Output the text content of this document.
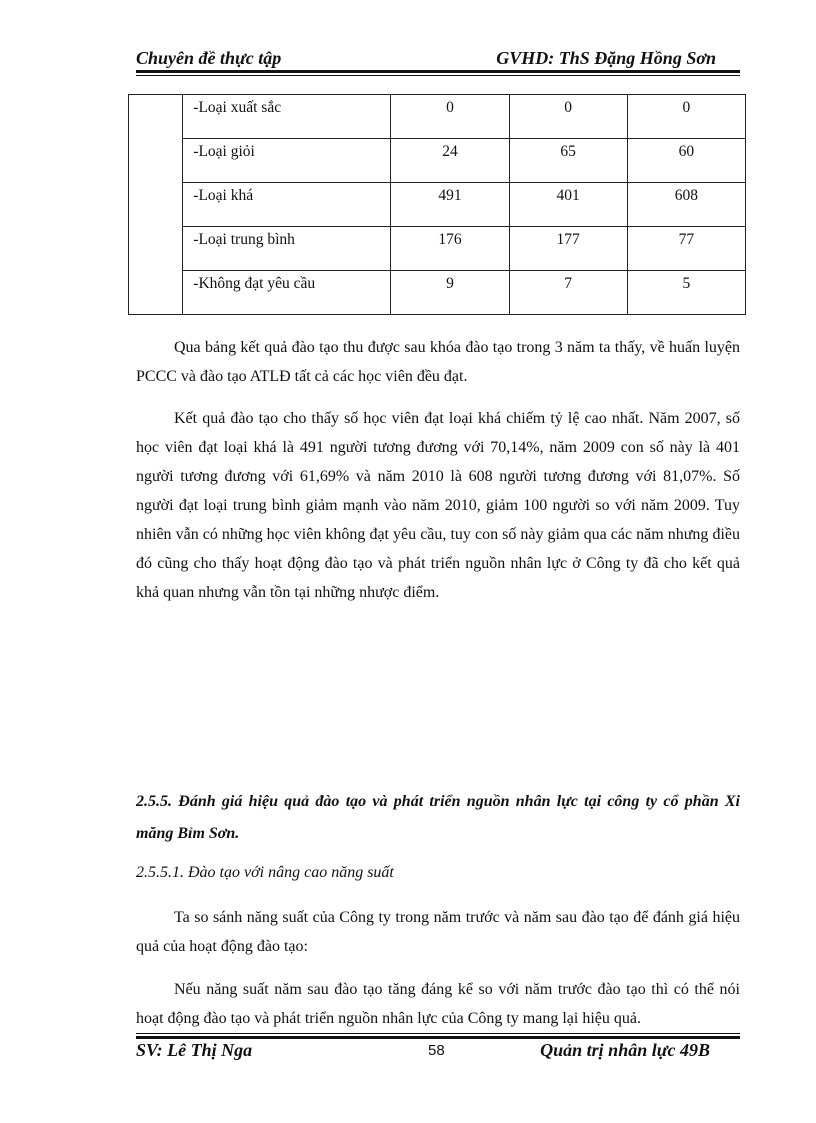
Chuyên đề thực tập	GVHD: ThS Đặng Hồng Sơn
	-Loại xuất sắc	0	0	0
	-Loại giỏi	24	65	60
	-Loại khá	491	401	608
	-Loại trung bình	176	177	77
	-Không đạt yêu cầu	9	7	5

Qua bảng kết quả đào tạo thu được sau khóa đào tạo trong 3 năm ta thấy, về huấn luyện PCCC và đào tạo ATLĐ tất cả các học viên đều đạt.

Kết quả đào tạo cho thấy số học viên đạt loại khá chiếm tỷ lệ cao nhất. Năm 2007, số học viên đạt loại khá là 491 người tương đương với 70,14%, năm 2009 con số này là 401 người tương đương với 61,69% và năm 2010 là 608 người tương đương với 81,07%. Số người đạt loại trung bình giảm mạnh vào năm 2010, giảm 100 người so với năm 2009. Tuy nhiên vẫn có những học viên không đạt yêu cầu, tuy con số này giảm qua các năm nhưng điều đó cũng cho thấy hoạt động đào tạo và phát triển nguồn nhân lực ở Công ty đã cho kết quả khả quan nhưng vẫn tồn tại những nhược điểm.

2.5.5. Đánh giá hiệu quả đào tạo và phát triển nguồn nhân lực tại công ty cổ phần Xi măng Bỉm Sơn.

2.5.5.1. Đào tạo với nâng cao năng suất

Ta so sánh năng suất của Công ty trong năm trước và năm sau đào tạo để đánh giá hiệu quả của hoạt động đào tạo:

Nếu năng suất năm sau đào tạo tăng đáng kể so với năm trước đào tạo thì có thể nói hoạt động đào tạo và phát triển nguồn nhân lực của Công ty mang lại hiệu quả.

SV: Lê Thị Nga	58	Quản trị nhân lực 49B
